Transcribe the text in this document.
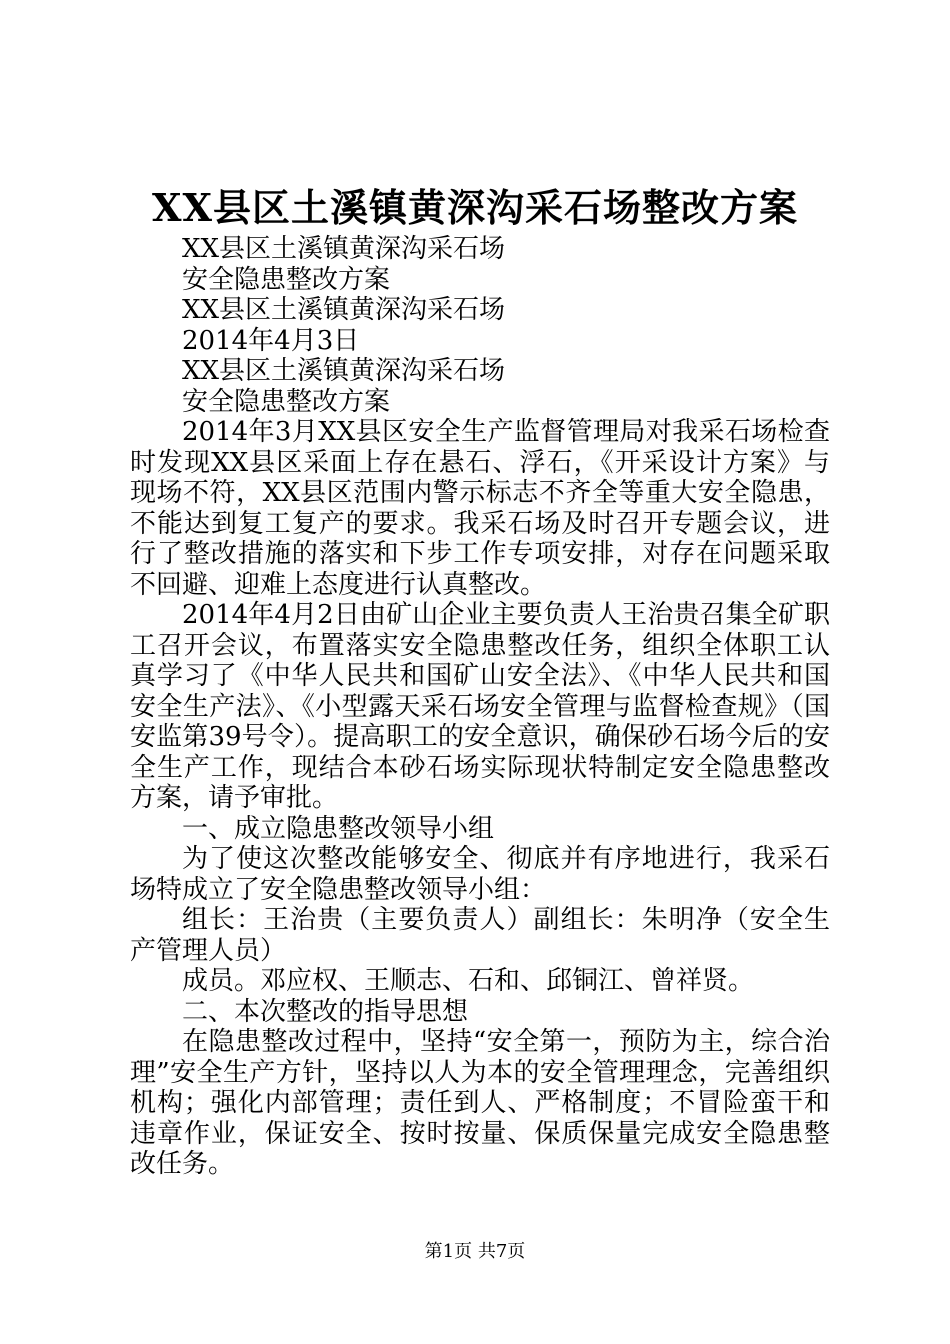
XX县区土溪镇黄深沟采石场整改方案

XX县区土溪镇黄深沟采石场

安全隐患整改方案

XX县区土溪镇黄深沟采石场

2014年4月3日

XX县区土溪镇黄深沟采石场

安全隐患整改方案

2014年3月XX县区安全生产监督管理局对我采石场检查时发现XX县区采面上存在悬石、浮石，《开采设计方案》与现场不符，XX县区范围内警示标志不齐全等重大安全隐患，不能达到复工复产的要求。我采石场及时召开专题会议，进行了整改措施的落实和下步工作专项安排，对存在问题采取不回避、迎难上态度进行认真整改。

2014年4月2日由矿山企业主要负责人王治贵召集全矿职工召开会议，布置落实安全隐患整改任务，组织全体职工认真学习了《中华人民共和国矿山安全法》、《中华人民共和国安全生产法》、《小型露天采石场安全管理与监督检查规》（国安监第39号令）。提高职工的安全意识，确保砂石场今后的安全生产工作，现结合本砂石场实际现状特制定安全隐患整改方案，请予审批。

一、成立隐患整改领导小组

为了使这次整改能够安全、彻底并有序地进行，我采石场特成立了安全隐患整改领导小组：

组长：王治贵（主要负责人）副组长：朱明净（安全生产管理人员）

成员。邓应权、王顺志、石和、邱铜江、曾祥贤。

二、本次整改的指导思想

在隐患整改过程中，坚持“安全第一，预防为主，综合治理”安全生产方针，坚持以人为本的安全管理理念，完善组织机构；强化内部管理；责任到人、严格制度；不冒险蛮干和违章作业，保证安全、按时按量、保质保量完成安全隐患整改任务。

第1页 共7页
